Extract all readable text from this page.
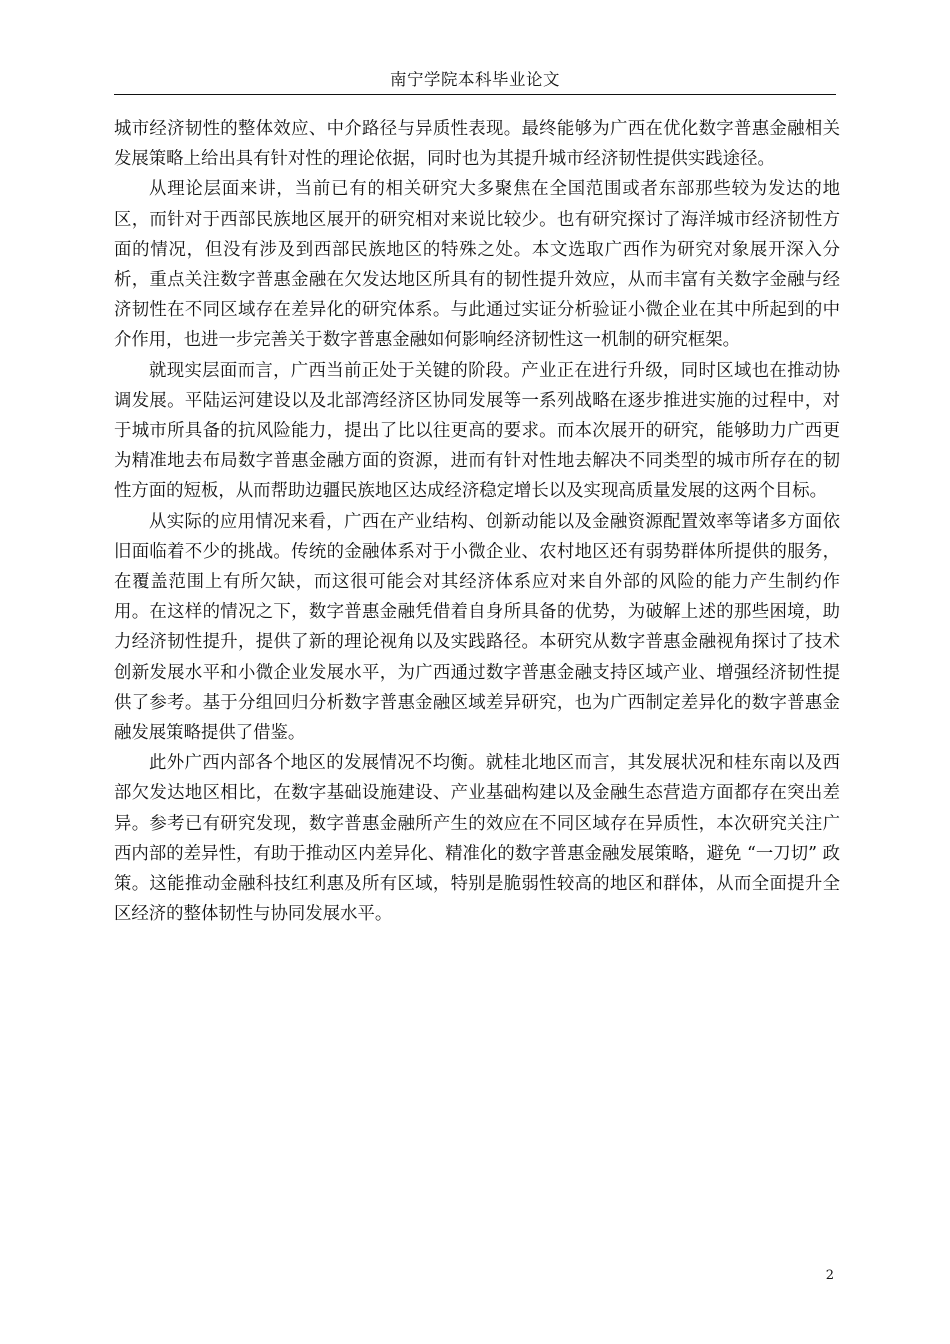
南宁学院本科毕业论文

城市经济韧性的整体效应、中介路径与异质性表现。最终能够为广西在优化数字普惠金融相关发展策略上给出具有针对性的理论依据，同时也为其提升城市经济韧性提供实践途径。

从理论层面来讲，当前已有的相关研究大多聚焦在全国范围或者东部那些较为发达的地区，而针对于西部民族地区展开的研究相对来说比较少。也有研究探讨了海洋城市经济韧性方面的情况，但没有涉及到西部民族地区的特殊之处。本文选取广西作为研究对象展开深入分析，重点关注数字普惠金融在欠发达地区所具有的韧性提升效应，从而丰富有关数字金融与经济韧性在不同区域存在差异化的研究体系。与此通过实证分析验证小微企业在其中所起到的中介作用，也进一步完善关于数字普惠金融如何影响经济韧性这一机制的研究框架。

就现实层面而言，广西当前正处于关键的阶段。产业正在进行升级，同时区域也在推动协调发展。平陆运河建设以及北部湾经济区协同发展等一系列战略在逐步推进实施的过程中，对于城市所具备的抗风险能力，提出了比以往更高的要求。而本次展开的研究，能够助力广西更为精准地去布局数字普惠金融方面的资源，进而有针对性地去解决不同类型的城市所存在的韧性方面的短板，从而帮助边疆民族地区达成经济稳定增长以及实现高质量发展的这两个目标。

从实际的应用情况来看，广西在产业结构、创新动能以及金融资源配置效率等诸多方面依旧面临着不少的挑战。传统的金融体系对于小微企业、农村地区还有弱势群体所提供的服务，在覆盖范围上有所欠缺，而这很可能会对其经济体系应对来自外部的风险的能力产生制约作用。在这样的情况之下，数字普惠金融凭借着自身所具备的优势，为破解上述的那些困境，助力经济韧性提升，提供了新的理论视角以及实践路径。本研究从数字普惠金融视角探讨了技术创新发展水平和小微企业发展水平，为广西通过数字普惠金融支持区域产业、增强经济韧性提供了参考。基于分组回归分析数字普惠金融区域差异研究，也为广西制定差异化的数字普惠金融发展策略提供了借鉴。

此外广西内部各个地区的发展情况不均衡。就桂北地区而言，其发展状况和桂东南以及西部欠发达地区相比，在数字基础设施建设、产业基础构建以及金融生态营造方面都存在突出差异。参考已有研究发现，数字普惠金融所产生的效应在不同区域存在异质性，本次研究关注广西内部的差异性，有助于推动区内差异化、精准化的数字普惠金融发展策略，避免 “一刀切” 政策。这能推动金融科技红利惠及所有区域，特别是脆弱性较高的地区和群体，从而全面提升全区经济的整体韧性与协同发展水平。

2
